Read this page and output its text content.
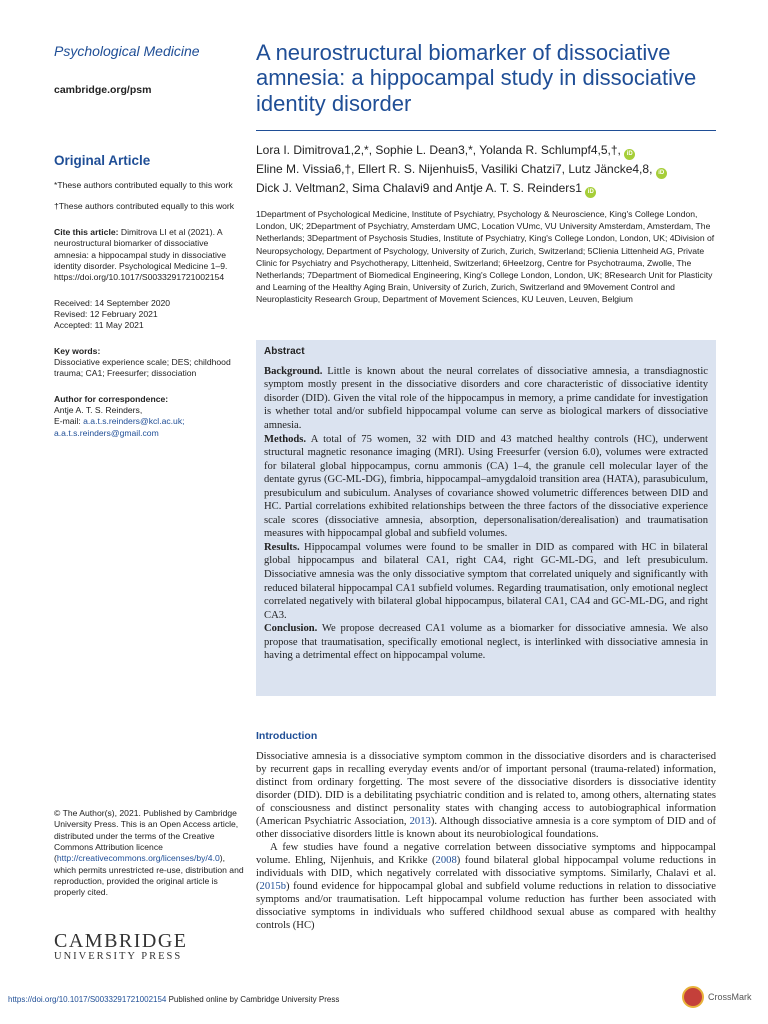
Psychological Medicine
cambridge.org/psm
Original Article
*These authors contributed equally to this work
†These authors contributed equally to this work
Cite this article: Dimitrova LI et al (2021). A neurostructural biomarker of dissociative amnesia: a hippocampal study in dissociative identity disorder. Psychological Medicine 1–9. https://doi.org/10.1017/S0033291721002154
Received: 14 September 2020
Revised: 12 February 2021
Accepted: 11 May 2021
Key words:
Dissociative experience scale; DES; childhood trauma; CA1; Freesurfer; dissociation
Author for correspondence:
Antje A. T. S. Reinders,
E-mail: a.a.t.s.reinders@kcl.ac.uk;
a.a.t.s.reinders@gmail.com
© The Author(s), 2021. Published by Cambridge University Press. This is an Open Access article, distributed under the terms of the Creative Commons Attribution licence (http://creativecommons.org/licenses/by/4.0), which permits unrestricted re-use, distribution and reproduction, provided the original article is properly cited.
CAMBRIDGE
UNIVERSITY PRESS
A neurostructural biomarker of dissociative amnesia: a hippocampal study in dissociative identity disorder
Lora I. Dimitrova1,2,*, Sophie L. Dean3,*, Yolanda R. Schlumpf4,5,†, iD
Eline M. Vissia6,†, Ellert R. S. Nijenhuis5, Vasiliki Chatzi7, Lutz Jäncke4,8, iD
Dick J. Veltman2, Sima Chalavi9 and Antje A. T. S. Reinders1 iD
1Department of Psychological Medicine, Institute of Psychiatry, Psychology & Neuroscience, King's College London, London, UK; 2Department of Psychiatry, Amsterdam UMC, Location VUmc, VU University Amsterdam, Amsterdam, The Netherlands; 3Department of Psychosis Studies, Institute of Psychiatry, King's College London, London, UK; 4Division of Neuropsychology, Department of Psychology, University of Zurich, Zurich, Switzerland; 5Clienia Littenheid AG, Private Clinic for Psychiatry and Psychotherapy, Littenheid, Switzerland; 6Heelzorg, Centre for Psychotrauma, Zwolle, The Netherlands; 7Department of Biomedical Engineering, King's College London, London, UK; 8Research Unit for Plasticity and Learning of the Healthy Aging Brain, University of Zurich, Zurich, Switzerland and 9Movement Control and Neuroplasticity Research Group, Department of Movement Sciences, KU Leuven, Leuven, Belgium
Abstract

Background. Little is known about the neural correlates of dissociative amnesia, a transdiagnostic symptom mostly present in the dissociative disorders and core characteristic of dissociative identity disorder (DID). Given the vital role of the hippocampus in memory, a prime candidate for investigation is whether total and/or subfield hippocampal volume can serve as biological markers of dissociative amnesia.

Methods. A total of 75 women, 32 with DID and 43 matched healthy controls (HC), underwent structural magnetic resonance imaging (MRI). Using Freesurfer (version 6.0), volumes were extracted for bilateral global hippocampus, cornu ammonis (CA) 1–4, the granule cell molecular layer of the dentate gyrus (GC-ML-DG), fimbria, hippocampal–amygdaloid transition area (HATA), parasubiculum, presubiculum and subiculum. Analyses of covariance showed volumetric differences between DID and HC. Partial correlations exhibited relationships between the three factors of the dissociative experience scale scores (dissociative amnesia, absorption, depersonalisation/derealisation) and traumatisation measures with hippocampal global and subfield volumes.

Results. Hippocampal volumes were found to be smaller in DID as compared with HC in bilateral global hippocampus and bilateral CA1, right CA4, right GC-ML-DG, and left presubiculum. Dissociative amnesia was the only dissociative symptom that correlated uniquely and significantly with reduced bilateral hippocampal CA1 subfield volumes. Regarding traumatisation, only emotional neglect correlated negatively with bilateral global hippocampus, bilateral CA1, CA4 and GC-ML-DG, and right CA3.

Conclusion. We propose decreased CA1 volume as a biomarker for dissociative amnesia. We also propose that traumatisation, specifically emotional neglect, is interlinked with dissociative amnesia in having a detrimental effect on hippocampal volume.

Introduction

Dissociative amnesia is a dissociative symptom common in the dissociative disorders and is characterised by recurrent gaps in recalling everyday events and/or of important personal (trauma-related) information, distinct from ordinary forgetting. The most severe of the dissociative disorders is dissociative identity disorder (DID). DID is a debilitating psychiatric condition and is related to, among others, alternating states of consciousness and distinct personality states with changing access to autobiographical information (American Psychiatric Association, 2013). Although dissociative amnesia is a core symptom of DID and of other dissociative disorders little is known about its neurobiological foundations.

A few studies have found a negative correlation between dissociative symptoms and hippocampal volume. Ehling, Nijenhuis, and Krikke (2008) found bilateral global hippocampal volume reductions in individuals with DID, which negatively correlated with dissociative symptoms. Similarly, Chalavi et al. (2015b) found evidence for hippocampal global and subfield volume reductions in relation to dissociative symptoms and/or traumatisation. Left hippocampal volume reduction has further been associated with dissociative symptoms in individuals who suffered childhood sexual abuse as compared with healthy controls (HC)

https://doi.org/10.1017/S0033291721002154 Published online by Cambridge University Press	CrossMark
